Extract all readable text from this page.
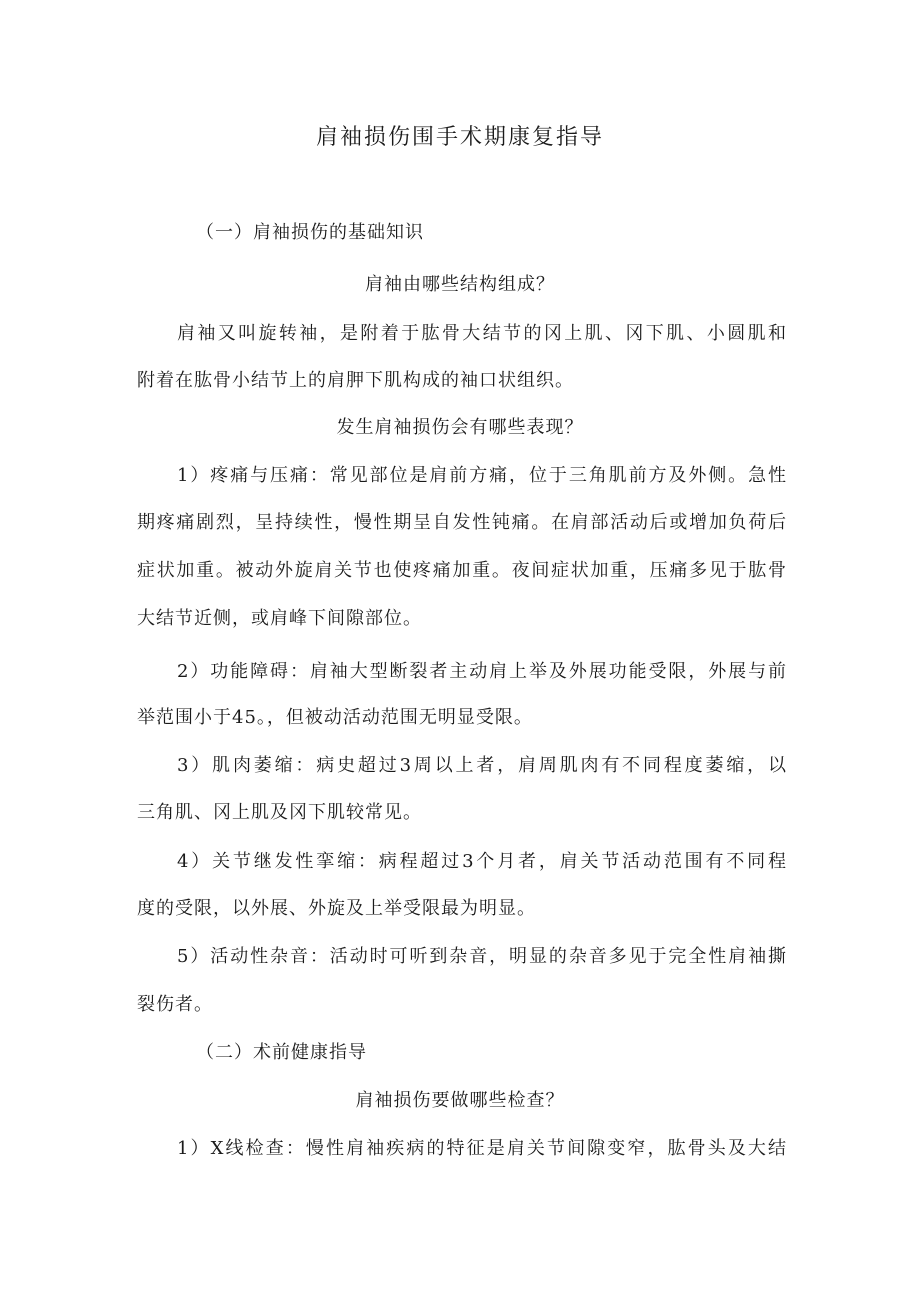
肩袖损伤围手术期康复指导
（一）肩袖损伤的基础知识
肩袖由哪些结构组成？
肩袖又叫旋转袖，是附着于肱骨大结节的冈上肌、冈下肌、小圆肌和
附着在肱骨小结节上的肩胛下肌构成的袖口状组织。
发生肩袖损伤会有哪些表现？
1）疼痛与压痛：常见部位是肩前方痛，位于三角肌前方及外侧。急性
期疼痛剧烈，呈持续性，慢性期呈自发性钝痛。在肩部活动后或增加负荷后
症状加重。被动外旋肩关节也使疼痛加重。夜间症状加重，压痛多见于肱骨
大结节近侧，或肩峰下间隙部位。
2）功能障碍：肩袖大型断裂者主动肩上举及外展功能受限，外展与前
举范围小于45。，但被动活动范围无明显受限。
3）肌肉萎缩：病史超过3周以上者，肩周肌肉有不同程度萎缩，以
三角肌、冈上肌及冈下肌较常见。
4）关节继发性挛缩：病程超过3个月者，肩关节活动范围有不同程
度的受限，以外展、外旋及上举受限最为明显。
5）活动性杂音：活动时可听到杂音，明显的杂音多见于完全性肩袖撕
裂伤者。
（二）术前健康指导
肩袖损伤要做哪些检查？
1）X线检查：慢性肩袖疾病的特征是肩关节间隙变窄，肱骨头及大结
